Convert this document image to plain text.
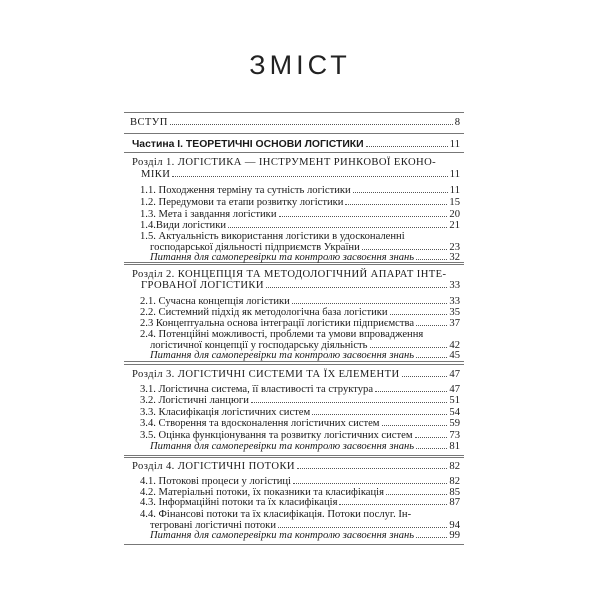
ЗМІСТ
ВСТУП	8
Частина І. ТЕОРЕТИЧНІ ОСНОВИ ЛОГІСТИКИ	11
Розділ 1. ЛОГІСТИКА — ІНСТРУМЕНТ РИНКОВОЇ ЕКОНО-
МІКИ	11
1.1. Походження терміну та сутність логістики	11
1.2. Передумови та етапи розвитку логістики	15
1.3. Мета і завдання логістики	20
1.4.Види логістики	21
1.5. Актуальність використання логістики в удосконаленні
господарської діяльності підприємств України	23
Питання для самоперевірки та контролю засвоєння знань	32
Розділ 2. КОНЦЕПЦІЯ ТА МЕТОДОЛОГІЧНИЙ АПАРАТ ІНТЕ-
ГРОВАНОЇ ЛОГІСТИКИ	33
2.1. Сучасна концепція логістики	33
2.2. Системний підхід як методологічна база логістики	35
2.3 Концептуальна основа інтеграції логістики підприємства	37
2.4. Потенційні можливості, проблеми та умови впровадження
логістичної концепції у господарську діяльність	42
Питання для самоперевірки та контролю засвоєння знань	45
Розділ 3. ЛОГІСТИЧНІ СИСТЕМИ ТА ЇХ ЕЛЕМЕНТИ	47
3.1. Логістична система, її властивості та структура	47
3.2. Логістичні ланцюги	51
3.3. Класифікація логістичних систем	54
3.4. Створення та вдосконалення логістичних систем	59
3.5. Оцінка функціонування та розвитку логістичних систем	73
Питання для самоперевірки та контролю засвоєння знань	81
Розділ 4. ЛОГІСТИЧНІ ПОТОКИ	82
4.1. Потокові процеси у логістиці	82
4.2. Матеріальні потоки, їх показники та класифікація	85
4.3. Інформаційні потоки та їх класифікація	87
4.4. Фінансові потоки та їх класифікація. Потоки послуг. Ін-
тегровані логістичні потоки	94
Питання для самоперевірки та контролю засвоєння знань	99
